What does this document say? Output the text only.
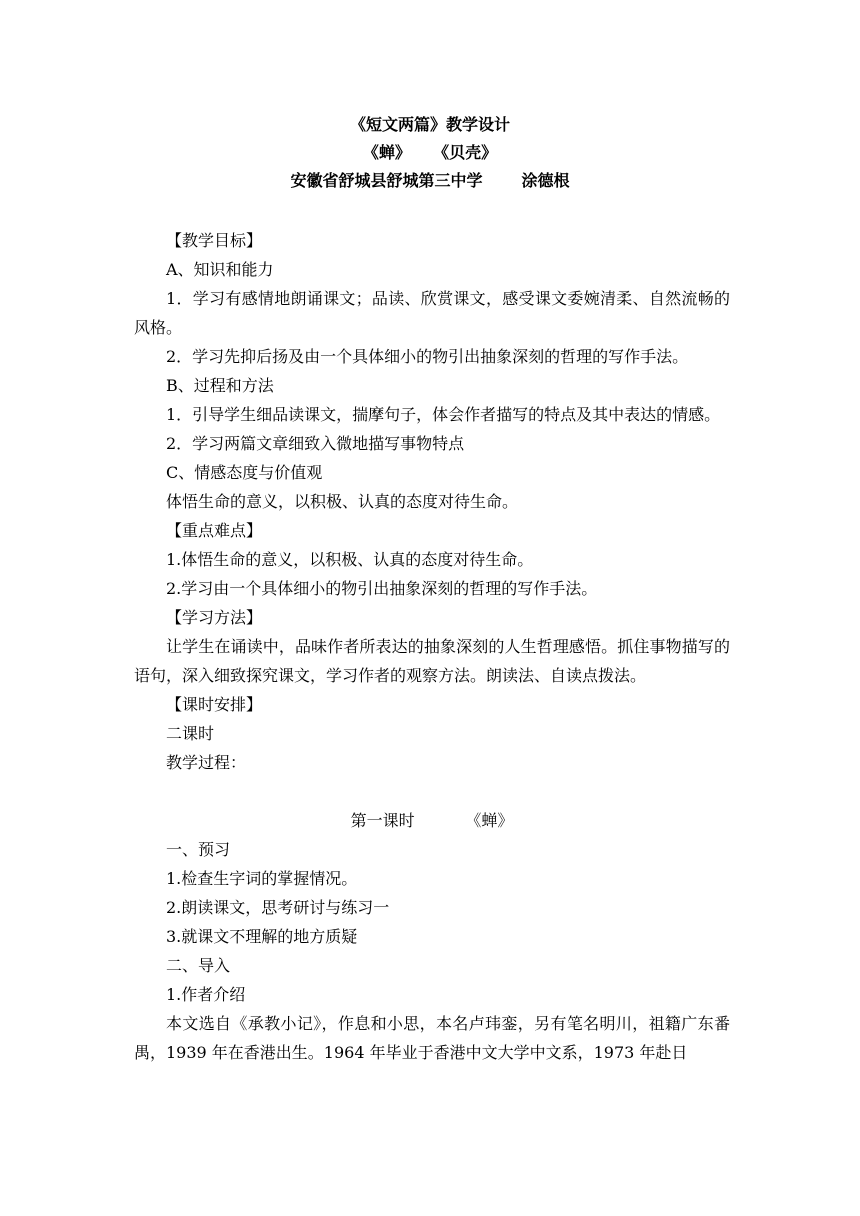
《短文两篇》教学设计
《蝉》    《贝壳》
安徽省舒城县舒城第三中学       涂德根

【教学目标】

A、知识和能力

1．学习有感情地朗诵课文；品读、欣赏课文，感受课文委婉清柔、自然流畅的风格。

2．学习先抑后扬及由一个具体细小的物引出抽象深刻的哲理的写作手法。

B、过程和方法

1．引导学生细品读课文，揣摩句子，体会作者描写的特点及其中表达的情感。

2．学习两篇文章细致入微地描写事物特点

C、情感态度与价值观

体悟生命的意义，以积极、认真的态度对待生命。

【重点难点】

1.体悟生命的意义，以积极、认真的态度对待生命。

2.学习由一个具体细小的物引出抽象深刻的哲理的写作手法。

【学习方法】

让学生在诵读中，品味作者所表达的抽象深刻的人生哲理感悟。抓住事物描写的语句，深入细致探究课文，学习作者的观察方法。朗读法、自读点拨法。

【课时安排】

二课时

教学过程：

第一课时          《蝉》

一、预习

1.检查生字词的掌握情况。

2.朗读课文，思考研讨与练习一

3.就课文不理解的地方质疑

二、导入

1.作者介绍

本文选自《承教小记》，作息和小思，本名卢玮銮，另有笔名明川，祖籍广东番禺，1939 年在香港出生。1964 年毕业于香港中文大学中文系，1973 年赴日
